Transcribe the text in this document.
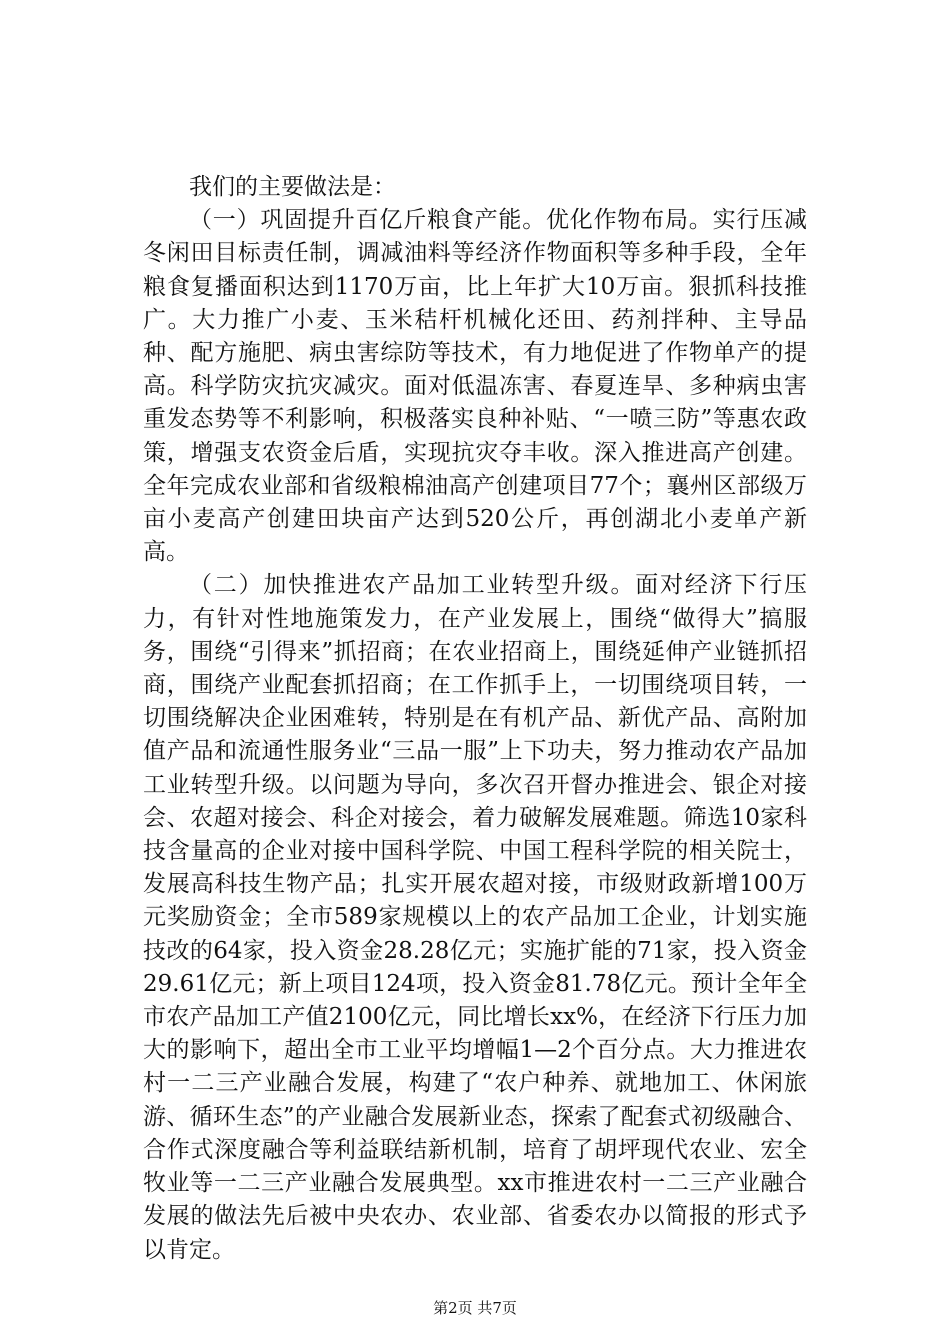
我们的主要做法是：

（一）巩固提升百亿斤粮食产能。优化作物布局。实行压减冬闲田目标责任制，调减油料等经济作物面积等多种手段，全年粮食复播面积达到1170万亩，比上年扩大10万亩。狠抓科技推广。大力推广小麦、玉米秸杆机械化还田、药剂拌种、主导品种、配方施肥、病虫害综防等技术，有力地促进了作物单产的提高。科学防灾抗灾减灾。面对低温冻害、春夏连旱、多种病虫害重发态势等不利影响，积极落实良种补贴、“一喷三防”等惠农政策，增强支农资金后盾，实现抗灾夺丰收。深入推进高产创建。全年完成农业部和省级粮棉油高产创建项目77个；襄州区部级万亩小麦高产创建田块亩产达到520公斤，再创湖北小麦单产新高。

（二）加快推进农产品加工业转型升级。面对经济下行压力，有针对性地施策发力，在产业发展上，围绕“做得大”搞服务，围绕“引得来”抓招商；在农业招商上，围绕延伸产业链抓招商，围绕产业配套抓招商；在工作抓手上，一切围绕项目转，一切围绕解决企业困难转，特别是在有机产品、新优产品、高附加值产品和流通性服务业“三品一服”上下功夫，努力推动农产品加工业转型升级。以问题为导向，多次召开督办推进会、银企对接会、农超对接会、科企对接会，着力破解发展难题。筛选10家科技含量高的企业对接中国科学院、中国工程科学院的相关院士，发展高科技生物产品；扎实开展农超对接，市级财政新增100万元奖励资金；全市589家规模以上的农产品加工企业，计划实施技改的64家，投入资金28.28亿元；实施扩能的71家，投入资金29.61亿元；新上项目124项，投入资金81.78亿元。预计全年全市农产品加工产值2100亿元，同比增长xx%，在经济下行压力加大的影响下，超出全市工业平均增幅1—2个百分点。大力推进农村一二三产业融合发展，构建了“农户种养、就地加工、休闲旅游、循环生态”的产业融合发展新业态，探索了配套式初级融合、合作式深度融合等利益联结新机制，培育了胡坪现代农业、宏全牧业等一二三产业融合发展典型。xx市推进农村一二三产业融合发展的做法先后被中央农办、农业部、省委农办以简报的形式予以肯定。

第2页 共7页
